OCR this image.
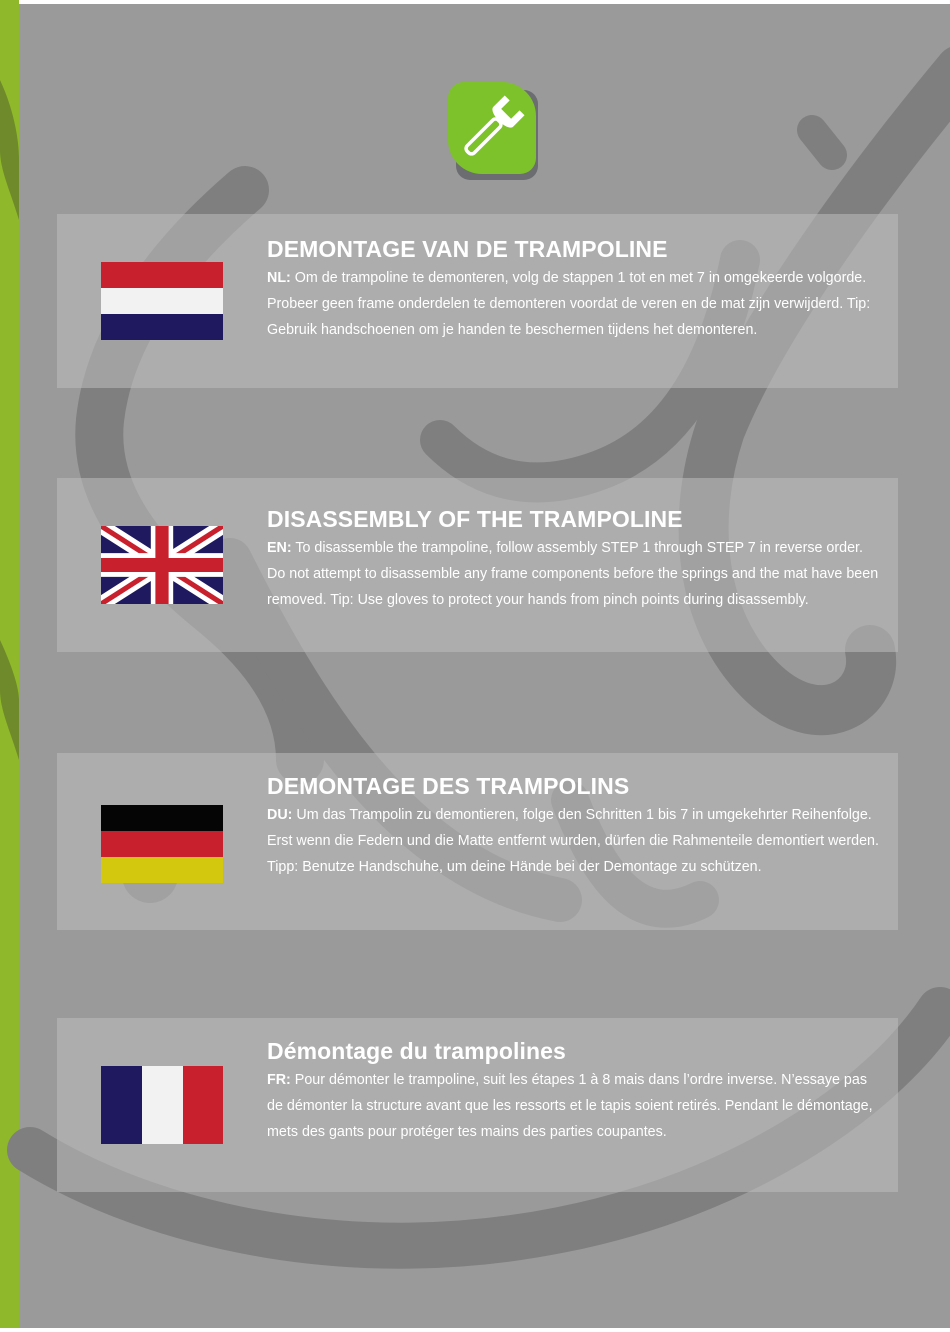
DEMONTAGE VAN DE TRAMPOLINE

NL: Om de trampoline te demonteren, volg de stappen 1 tot en met 7 in omgekeerde volgorde. Probeer geen frame onderdelen te demonteren voordat de veren en de mat zijn verwijderd. Tip: Gebruik handschoenen om je handen te beschermen tijdens het demonteren.

DISASSEMBLY OF THE TRAMPOLINE

EN: To disassemble the trampoline, follow assembly STEP 1 through STEP 7 in reverse order. Do not attempt to disassemble any frame components before the springs and the mat have been removed. Tip: Use gloves to protect your hands from pinch points during disassembly.

DEMONTAGE DES TRAMPOLINS

DU: Um das Trampolin zu demontieren, folge den Schritten 1 bis 7 in umgekehrter Reihenfolge. Erst wenn die Federn und die Matte entfernt wurden, dürfen die Rahmenteile demontiert werden. Tipp: Benutze Handschuhe, um deine Hände bei der Demontage zu schützen.

Démontage du trampolines

FR: Pour démonter le trampoline, suit les étapes 1 à 8 mais dans l’ordre inverse. N’essaye pas de démonter la structure avant que les ressorts et le tapis soient retirés. Pendant le démontage, mets des gants pour protéger tes mains des parties coupantes.
